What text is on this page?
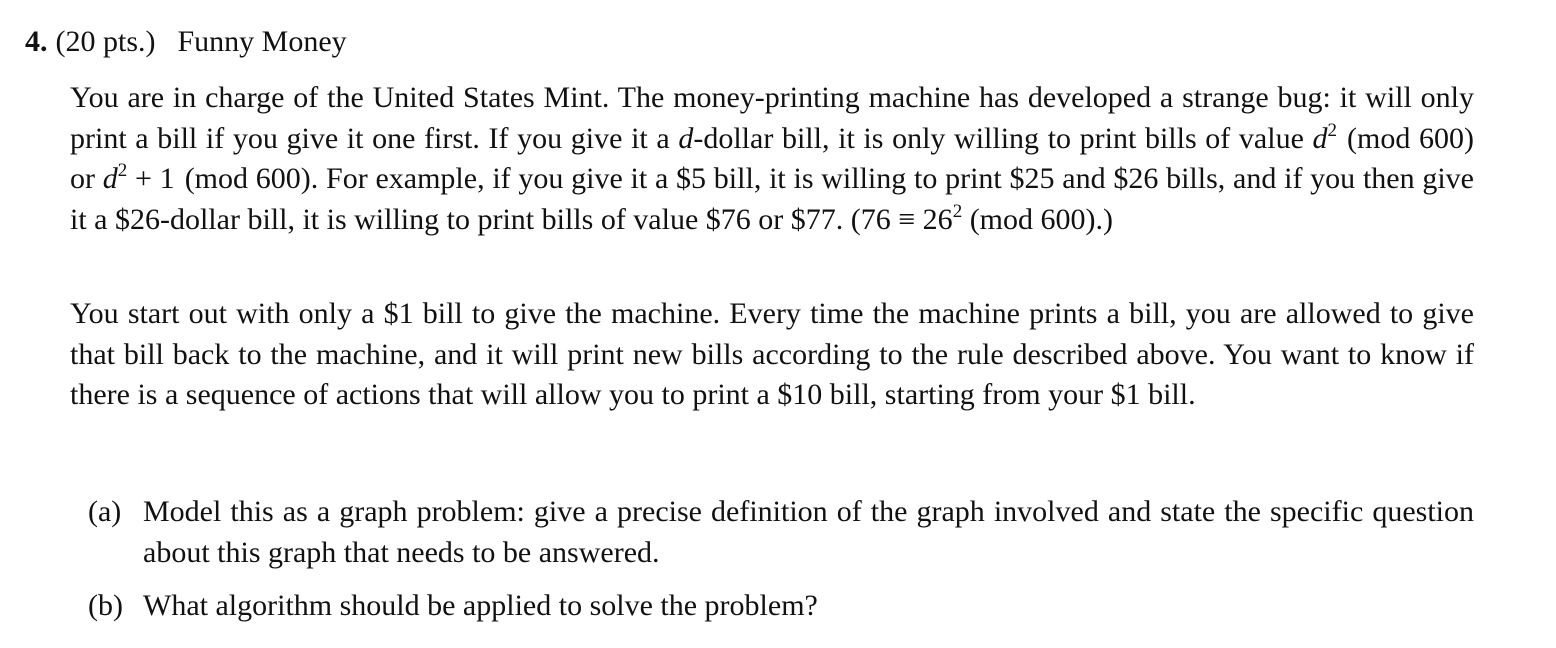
4. (20 pts.) Funny Money
You are in charge of the United States Mint. The money-printing machine has developed a strange bug: it will only print a bill if you give it one first. If you give it a d-dollar bill, it is only willing to print bills of value $d^2$ (mod 600) or $d^2 + 1$ (mod 600). For example, if you give it a $5 bill, it is willing to print $25 and $26 bills, and if you then give it a $26-dollar bill, it is willing to print bills of value $76 or $77. ($76 \equiv 26^2$ (mod 600).)
You start out with only a $1 bill to give the machine. Every time the machine prints a bill, you are allowed to give that bill back to the machine, and it will print new bills according to the rule described above. You want to know if there is a sequence of actions that will allow you to print a $10 bill, starting from your $1 bill.
(a) Model this as a graph problem: give a precise definition of the graph involved and state the specific question about this graph that needs to be answered.
(b) What algorithm should be applied to solve the problem?
